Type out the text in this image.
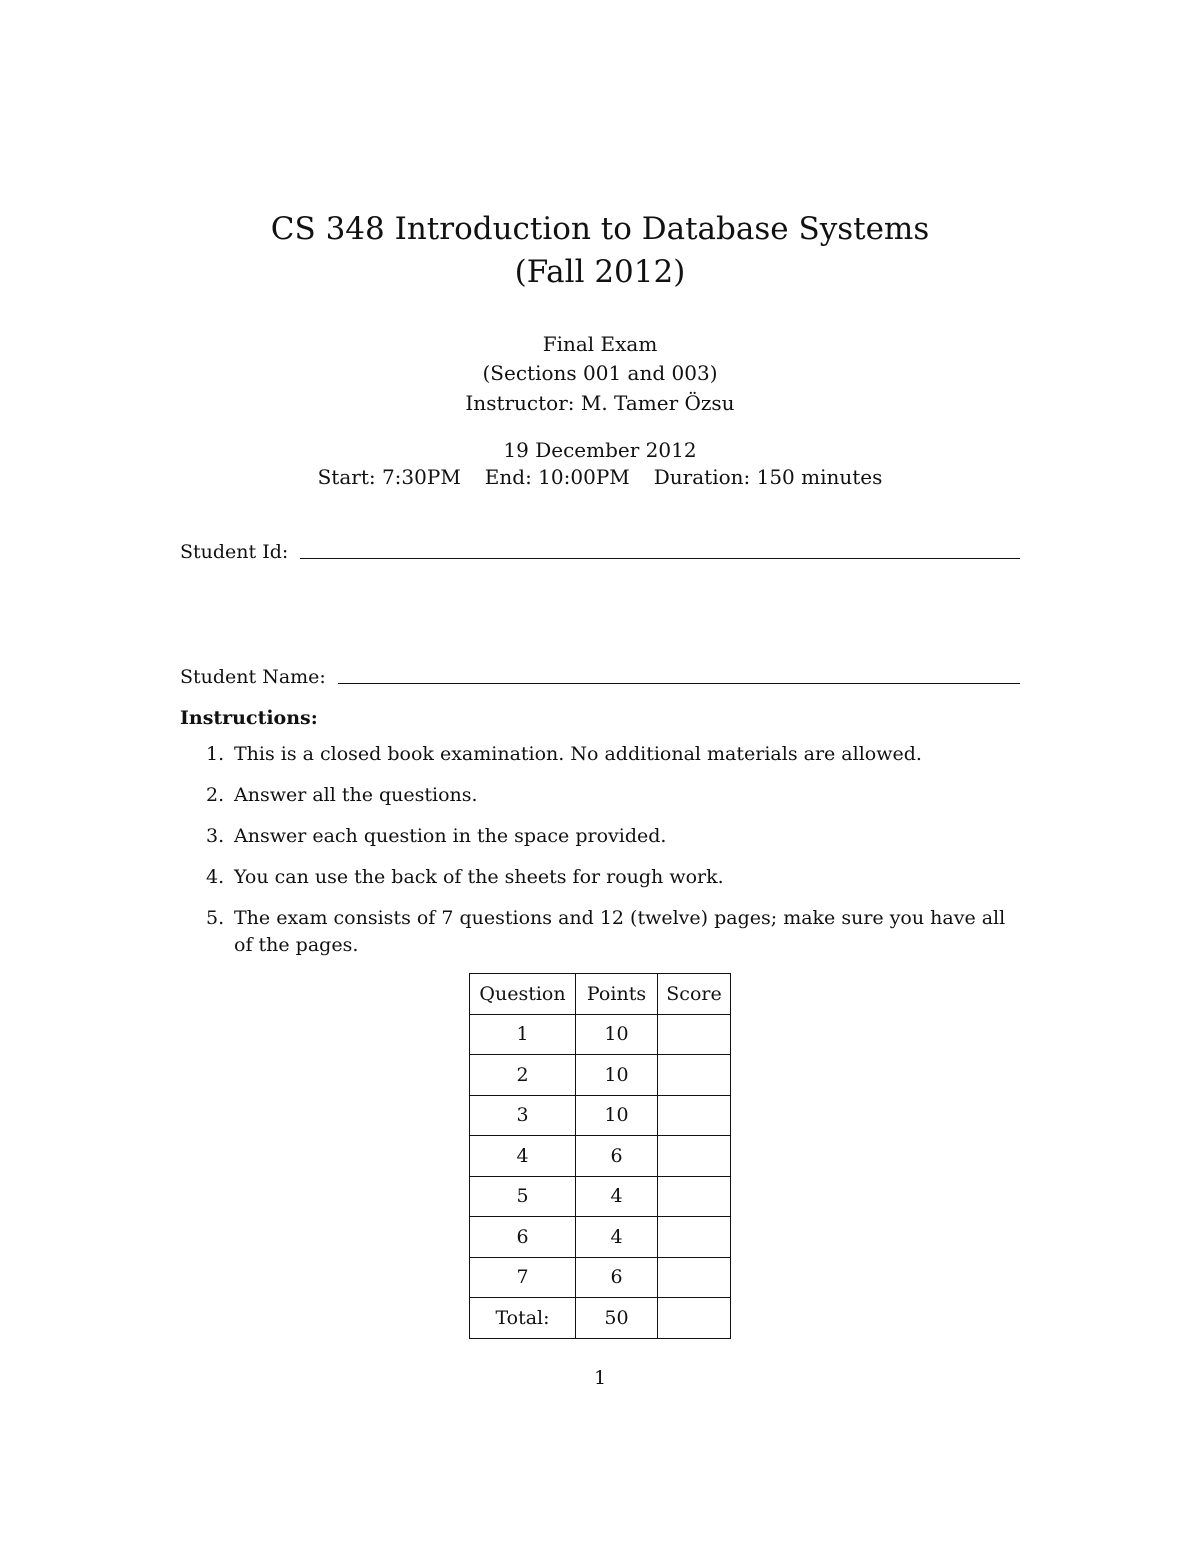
CS 348 Introduction to Database Systems
(Fall 2012)
Final Exam
(Sections 001 and 003)
Instructor: M. Tamer Özsu
19 December 2012
Start: 7:30PM End: 10:00PM Duration: 150 minutes
Student Id:
Student Name:
Instructions:
1. This is a closed book examination. No additional materials are allowed.
2. Answer all the questions.
3. Answer each question in the space provided.
4. You can use the back of the sheets for rough work.
5. The exam consists of 7 questions and 12 (twelve) pages; make sure you have all of the pages.
Question	Points	Score
1	10	
2	10	
3	10	
4	6	
5	4	
6	4	
7	6	
Total:	50	
1
